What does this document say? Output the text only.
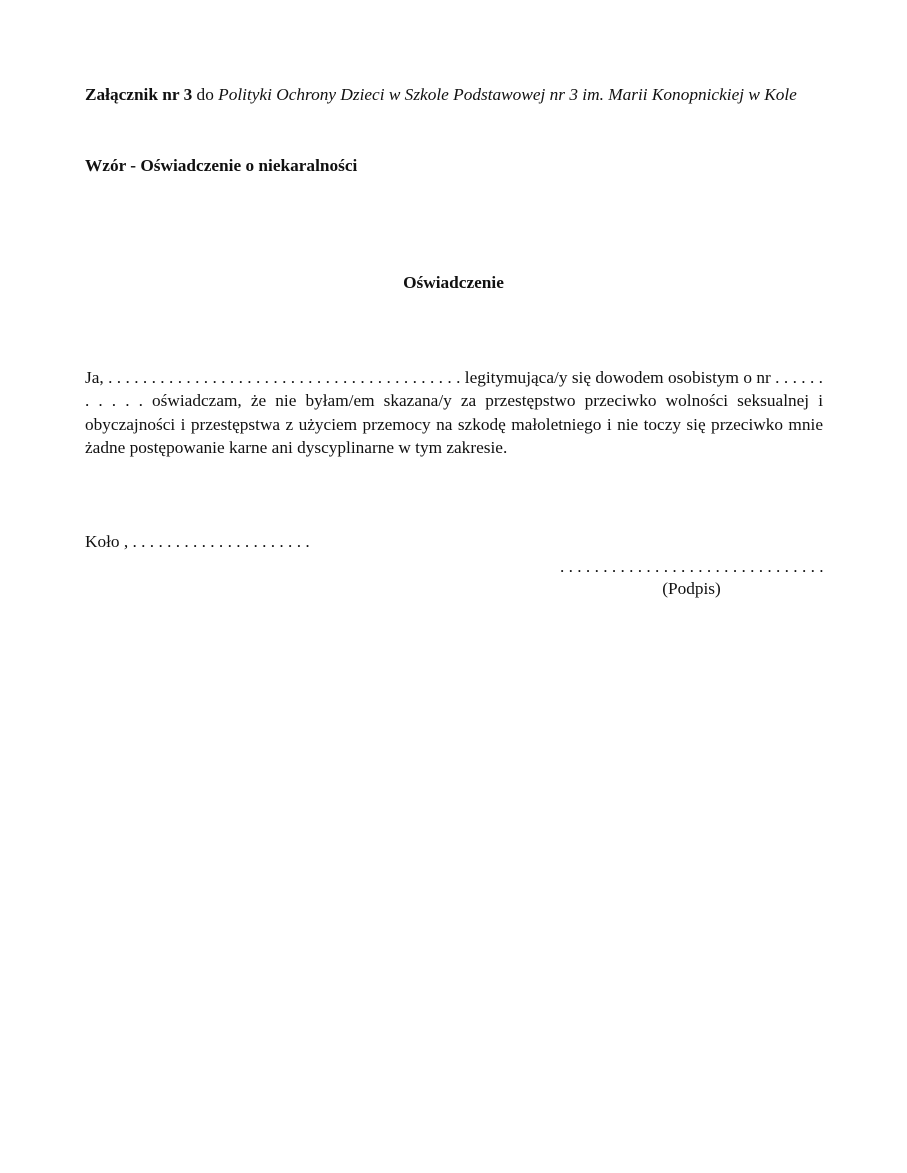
Załącznik nr 3 do Polityki Ochrony Dzieci w Szkole Podstawowej nr 3 im. Marii Konopnickiej w Kole
Wzór - Oświadczenie o niekaralności
Oświadczenie

Ja, . . . . . . . . . . . . . . . . . . . . . . . . . . . . . . . . . . . . . . . . . legitymująca/y się dowodem osobistym o nr . . . . . . . . . . . oświadczam, że nie byłam/em skazana/y za przestępstwo przeciwko wolności seksualnej i obyczajności i przestępstwa z użyciem przemocy na szkodę małoletniego i nie toczy się przeciwko mnie żadne postępowanie karne ani dyscyplinarne w tym zakresie.

Koło , . . . . . . . . . . . . . . . . . . . . .
. . . . . . . . . . . . . . . . . . . . . . . . . . . . . . .
(Podpis)
